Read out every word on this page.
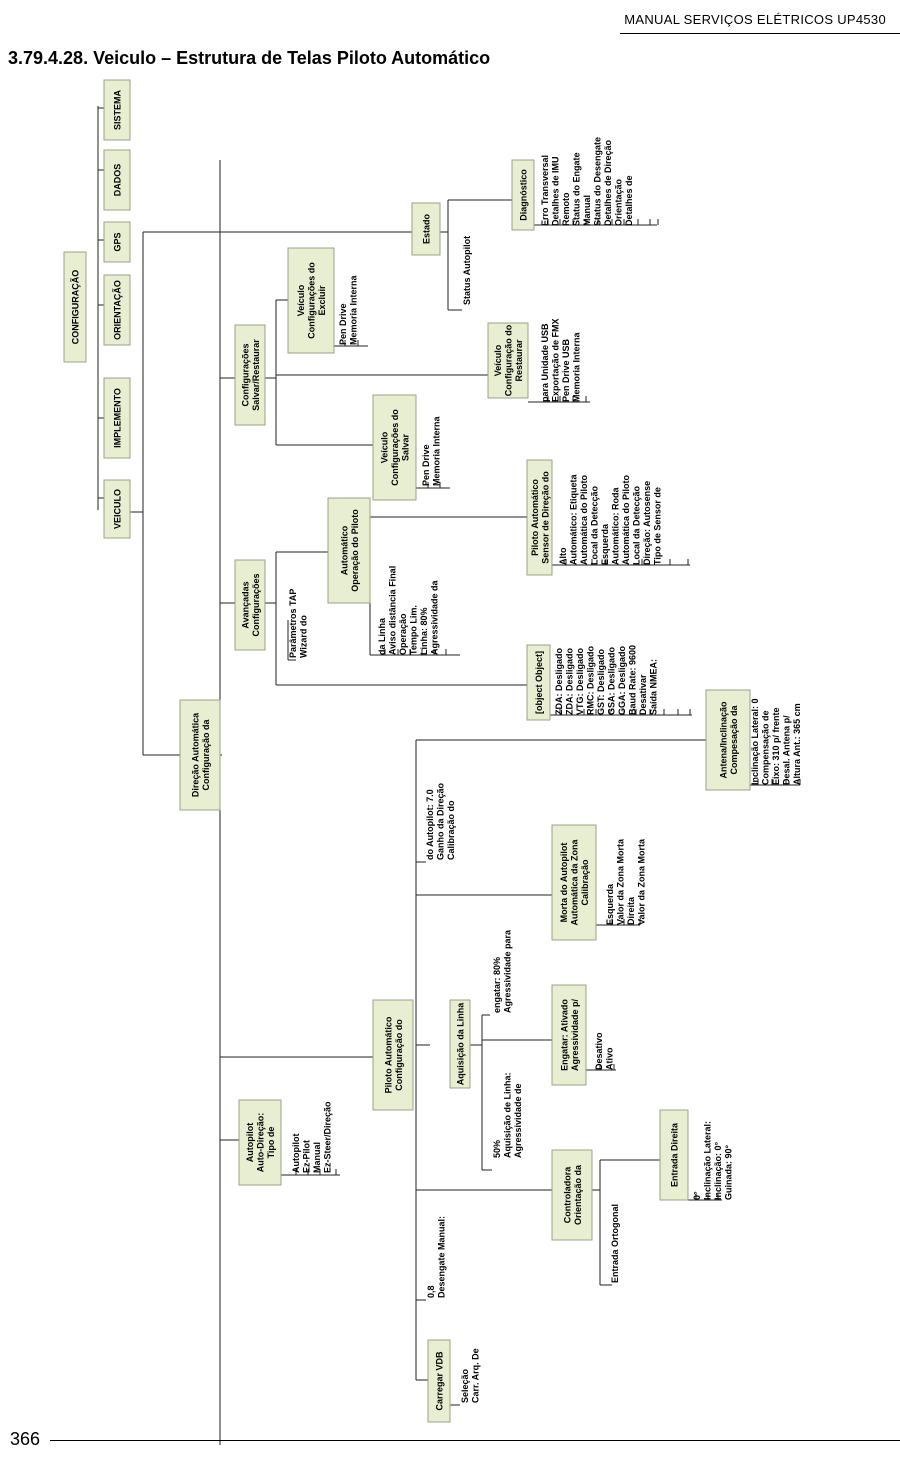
MANUAL SERVIÇOS ELÉTRICOS UP4530
3.79.4.28. Veiculo – Estrutura de Telas Piloto Automático
CONFIGURAÇÃO
SISTEMA
DADOS
GPS
ORIENTAÇÃO
IMPLEMENTO
VEICULO
Estado
Status Autopilot
Diagnóstico	Detalhes de
Orientação
Detalhes de Direção
Status do Desengate
Manual
Status do Engate
Remoto
Detalhes de IMU
Erro Transversal
Salvar/Restaurar
Configurações
Excluir
Configurações do
Veículo	Memoria Interna
Pen Drive
Restaurar
Configuração do
Veículo	Memoria Interna
Pen Drive USB
Exportação de FMX
para Unidade USB
Salvar
Configurações do
Veículo	Memoria Interna
Pen Drive
Configurações
Avançadas
Wizard do
Parâmetros TAP
Operação do Piloto
Automático
Agressividade da
Linha: 80%
Tempo Lim.
Operação
Aviso distância Final
da Linha
Sensor de Direção do
Piloto Automático	Tipo de Sensor de
Direção: Autosense
Local da Detecção
Automática do Piloto
Automático: Roda
Esquerda
Local da Detecção
Automática do Piloto
Automático: Etiqueta
Alto
[object Object]	Saída NMEA:
Desativar
Baud Rate: 9600
GGA: Desligado
GSA: Desligado
GST: Desligado
RMC: Desligado
VTG: Desligado
ZDA: Desligado
ZDA: Desligado
Configuração da
Direção Automática	Compesação da
Antena/Inclinação	Altura Ant.: 365 cm
Desal. Antena p/
Eixo: 310 p/ frente
Compensação de
Inclinação Lateral: 0
Calibração do
Ganho da Direção
do Autopilot: 7.0
Calibração
Automática da Zona
Morta do Autopilot	Valor da Zona Morta
Direita
Valor da Zona Morta
Esquerda
Aquisição da Linha
Agressividade para
engatar: 80%
Agressividade de
Aquisição de Linha:
50%
Agressividade p/
Engatar: Ativado	Ativo
Desativo
Configuração do
Piloto Automático
Tipo de
Auto-Direção:
Autopilot	Ez-Steer/Direção
Manual
Ez-Pilot
Autopilot
Orientação da
Controladora
Entrada Direita	Guinada: 90°
Inclinação: 0°
Inclinação Lateral:
0°
Entrada Ortogonal
Desengate Manual:
0,8
Carregar VDB	Carr. Arq. De
Seleção
366
